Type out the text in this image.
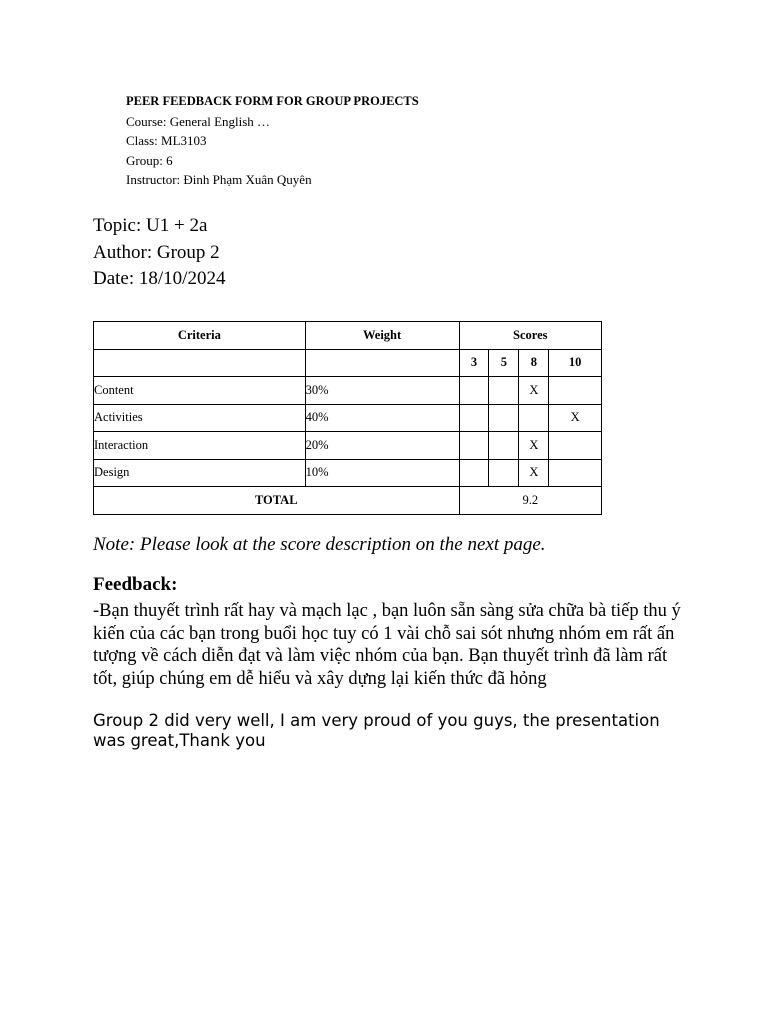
PEER FEEDBACK FORM FOR GROUP PROJECTS
Course: General English …
Class: ML3103
Group: 6
Instructor: Đinh Phạm Xuân Quyên
Topic: U1 + 2a
Author: Group 2
Date: 18/10/2024
Criteria	Weight	Scores			
		3	5	8	10
Content	30%			X	
Activities	40%				X
Interaction	20%			X	
Design	10%			X	
TOTAL		9.2			
Note: Please look at the score description on the next page.
Feedback:
-Bạn thuyết trình rất hay và mạch lạc , bạn luôn sẵn sàng sửa chữa bà tiếp thu ý kiến của các bạn trong buổi học tuy có 1 vài chỗ sai sót nhưng nhóm em rất ấn tượng về cách diễn đạt và làm việc nhóm của bạn. Bạn thuyết trình đã làm rất tốt, giúp chúng em dễ hiểu và xây dựng lại kiến thức đã hỏng
Group 2 did very well, I am very proud of you guys, the presentation was great,Thank you
